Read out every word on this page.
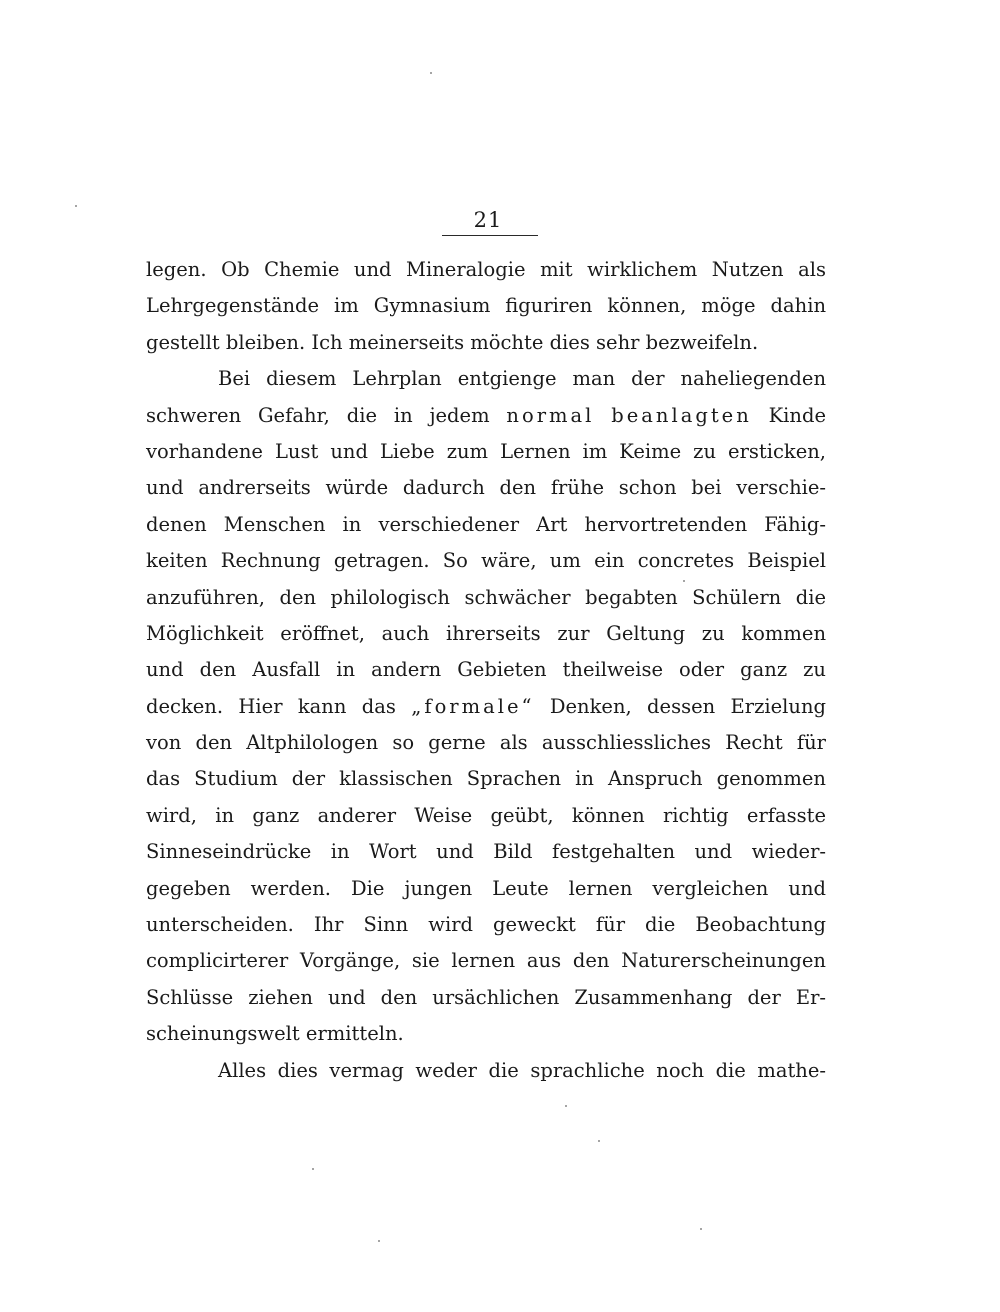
21
legen. Ob Chemie und Mineralogie mit wirklichem Nutzen als
Lehrgegenstände im Gymnasium figuriren können, möge dahin
gestellt bleiben. Ich meinerseits möchte dies sehr bezweifeln.
Bei diesem Lehrplan entgienge man der naheliegenden
schweren Gefahr, die in jedem normal beanlagten Kinde
vorhandene Lust und Liebe zum Lernen im Keime zu ersticken,
und andrerseits würde dadurch den frühe schon bei verschie-
denen Menschen in verschiedener Art hervortretenden Fähig-
keiten Rechnung getragen. So wäre, um ein concretes Beispiel
anzuführen, den philologisch schwächer begabten Schülern die
Möglichkeit eröffnet, auch ihrerseits zur Geltung zu kommen
und den Ausfall in andern Gebieten theilweise oder ganz zu
decken. Hier kann das „formale“ Denken, dessen Erzielung
von den Altphilologen so gerne als ausschliessliches Recht für
das Studium der klassischen Sprachen in Anspruch genommen
wird, in ganz anderer Weise geübt, können richtig erfasste
Sinneseindrücke in Wort und Bild festgehalten und wieder-
gegeben werden. Die jungen Leute lernen vergleichen und
unterscheiden. Ihr Sinn wird geweckt für die Beobachtung
complicirterer Vorgänge, sie lernen aus den Naturerscheinungen
Schlüsse ziehen und den ursächlichen Zusammenhang der Er-
scheinungswelt ermitteln.
Alles dies vermag weder die sprachliche noch die mathe-
